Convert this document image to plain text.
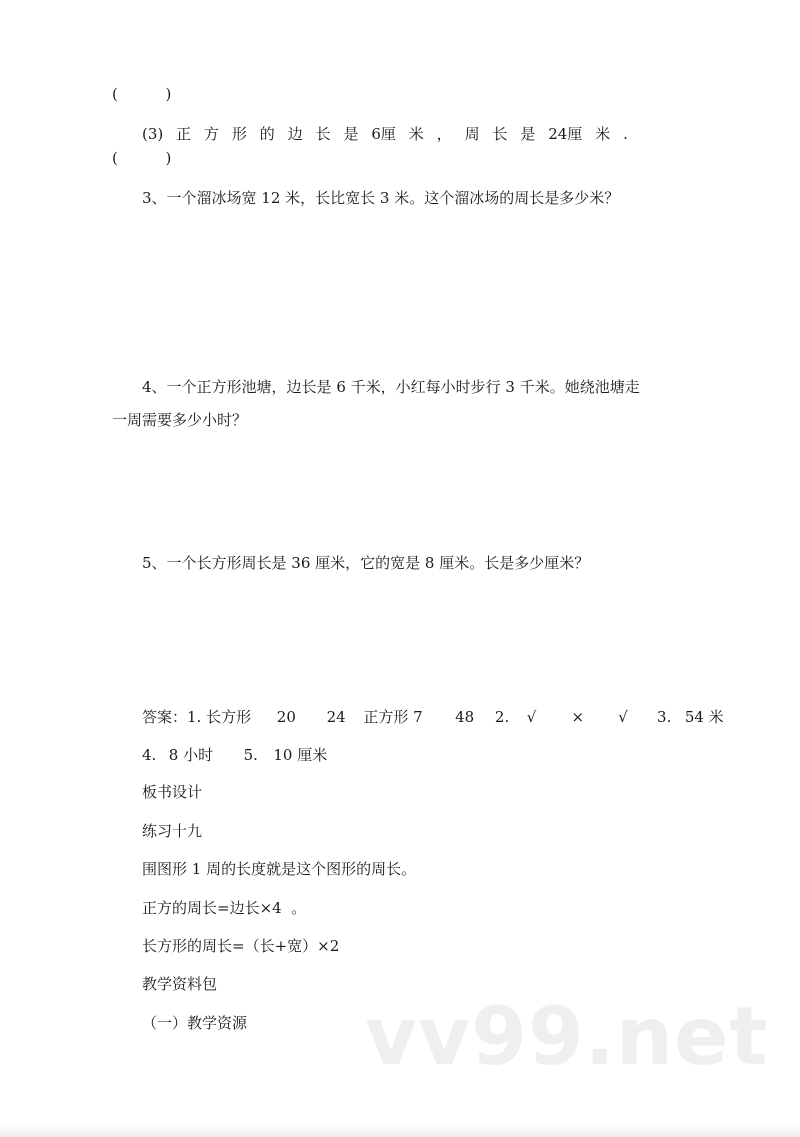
(          )

(3) 正 方 形 的 边 长 是 6厘 米 ， 周 长 是 24厘 米 .

(          )

3、一个溜冰场宽 12 米，长比宽长 3 米。这个溜冰场的周长是多少米？

4、一个正方形池塘，边长是 6 千米，小红每小时步行 3 千米。她绕池塘走

一周需要多少小时？

5、一个长方形周长是 36 厘米，它的宽是 8 厘米。长是多少厘米？

答案：1. 长方形 20 24 正方形 7 48 2. √ × √ 3. 54 米
4. 8 小时 5. 10 厘米

板书设计

练习十九

围图形 1 周的长度就是这个图形的周长。

正方的周长=边长×4  。

长方形的周长=（长+宽）×2

教学资料包

（一）教学资源 vv99.net
